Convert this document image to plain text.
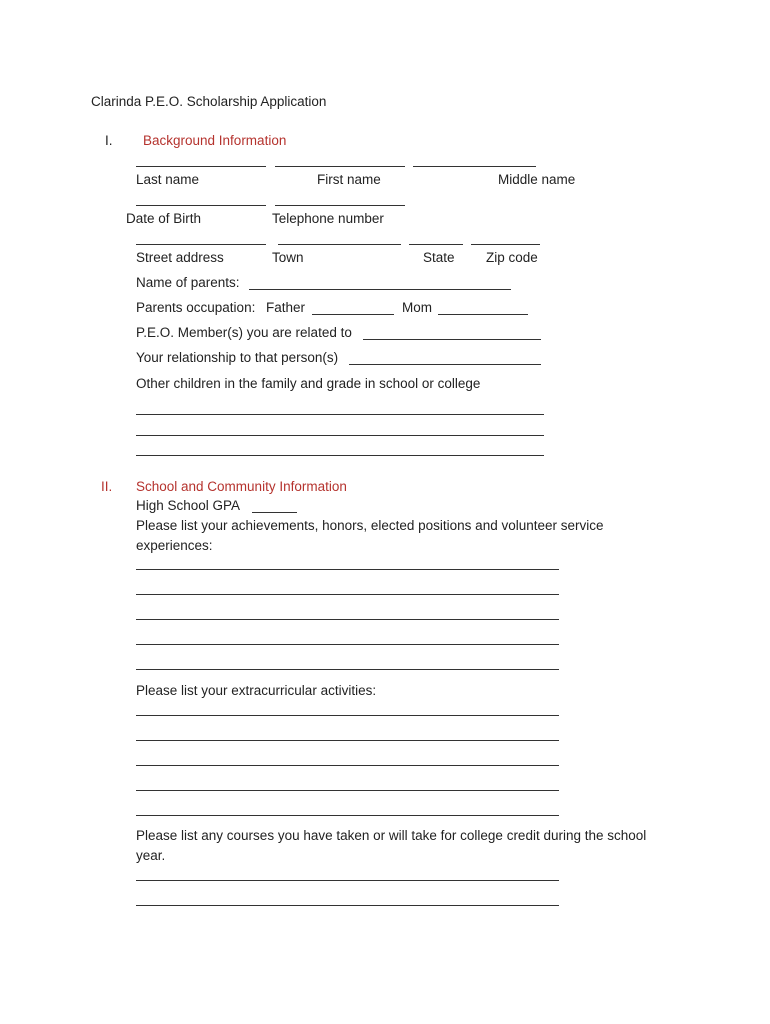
Clarinda P.E.O. Scholarship Application
I. Background Information
Last name	First name	Middle name
Date of Birth	Telephone number
Street address	Town	State Zip code
Name of parents:
Parents occupation: Father	Mom
P.E.O. Member(s) you are related to
Your relationship to that person(s)
Other children in the family and grade in school or college
II. School and Community Information
High School GPA
Please list your achievements, honors, elected positions and volunteer service
experiences:
Please list your extracurricular activities:
Please list any courses you have taken or will take for college credit during the school
year.
